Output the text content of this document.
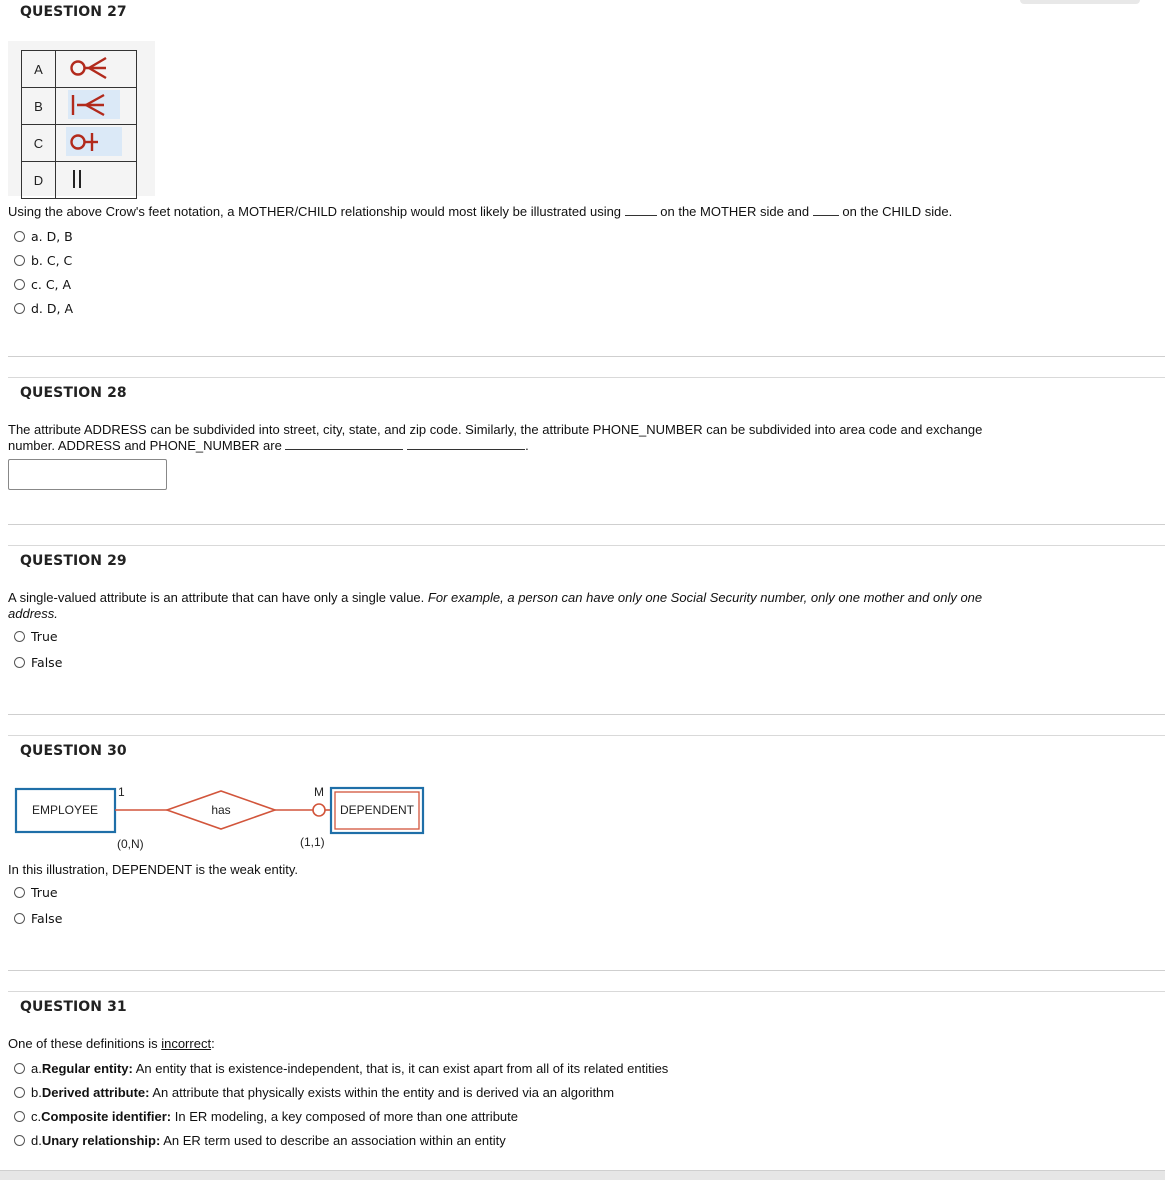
QUESTION 27
A	
B	
C	
D	
Using the above Crow's feet notation, a MOTHER/CHILD relationship would most likely be illustrated using  on the MOTHER side and  on the CHILD side.
a. D, B
b. C, C
c. C, A
d. D, A
QUESTION 28
The attribute ADDRESS can be subdivided into street, city, state, and zip code. Similarly, the attribute PHONE_NUMBER can be subdivided into area code and exchange
number. ADDRESS and PHONE_NUMBER are	.
QUESTION 29
A single-valued attribute is an attribute that can have only a single value. For example, a person can have only one Social Security number, only one mother and only one
address.
True
False
QUESTION 30
EMPLOYEE	has	DEPENDENT
1	M
(0,N)	(1,1)
In this illustration, DEPENDENT is the weak entity.
True
False
QUESTION 31
One of these definitions is incorrect:
a. Regular entity: An entity that is existence-independent, that is, it can exist apart from all of its related entities
b. Derived attribute: An attribute that physically exists within the entity and is derived via an algorithm
c. Composite identifier: In ER modeling, a key composed of more than one attribute
d. Unary relationship: An ER term used to describe an association within an entity
